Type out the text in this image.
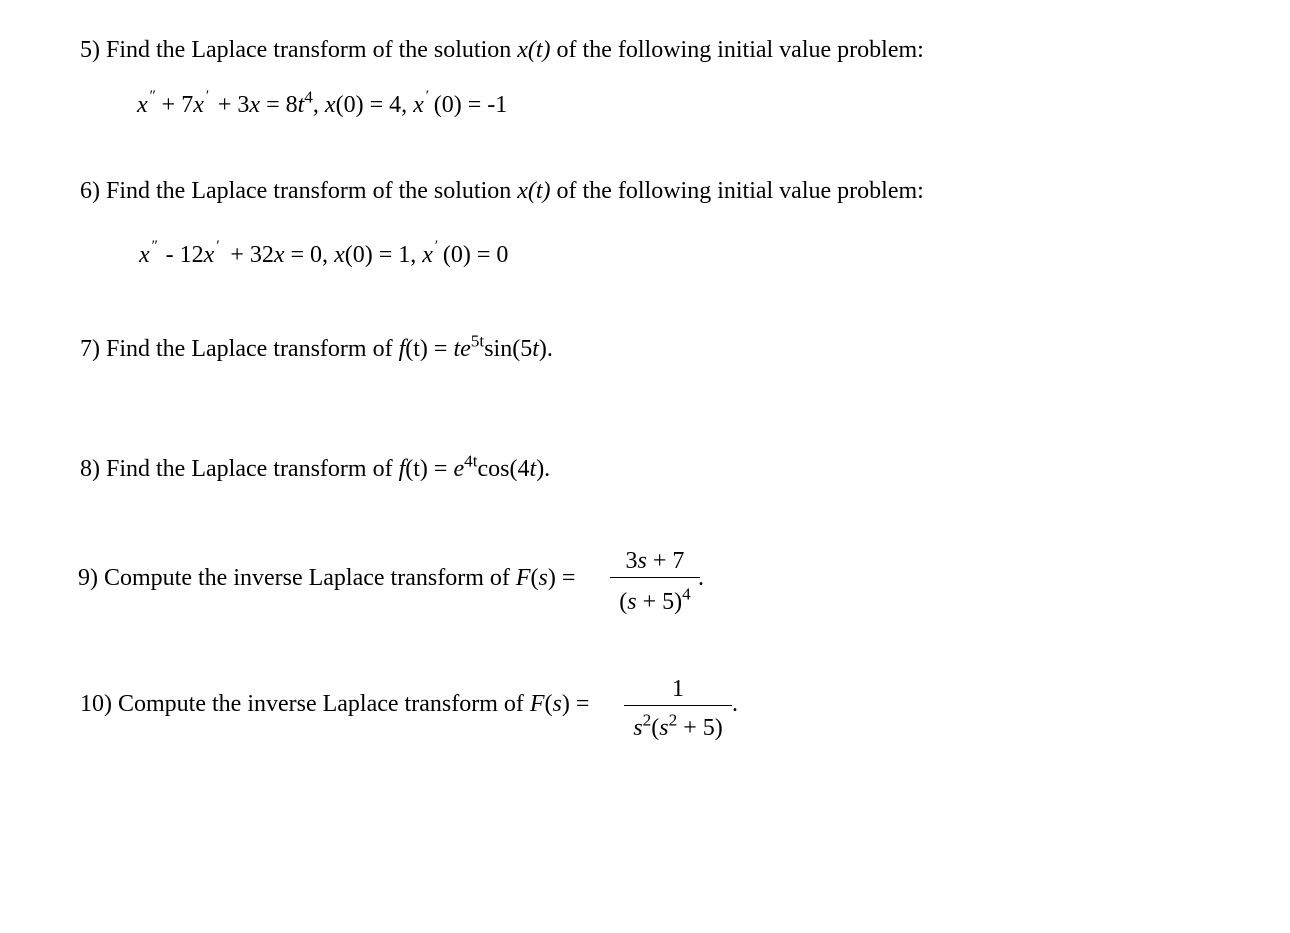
5) Find the Laplace transform of the solution x(t) of the following initial value problem:
x ″ + 7x ′ + $3x = 8t^4$, x(0) = 4, x ′ (0) = -1
6) Find the Laplace transform of the solution x(t) of the following initial value problem:
x ″ - 12x ′ + 32x = 0, x(0) = 1, x ′ (0) = 0
7) Find the Laplace transform of $f(t) = te^{5t}\sin(5t)$.
8) Find the Laplace transform of $f(t) = e^{4t}\cos(4t)$.
9) Compute the inverse Laplace transform of F(s) =
3s + 7
$(s + 5)^4$
.
10) Compute the inverse Laplace transform of F(s) =
1
$s^2(s^2 + 5)$
.
